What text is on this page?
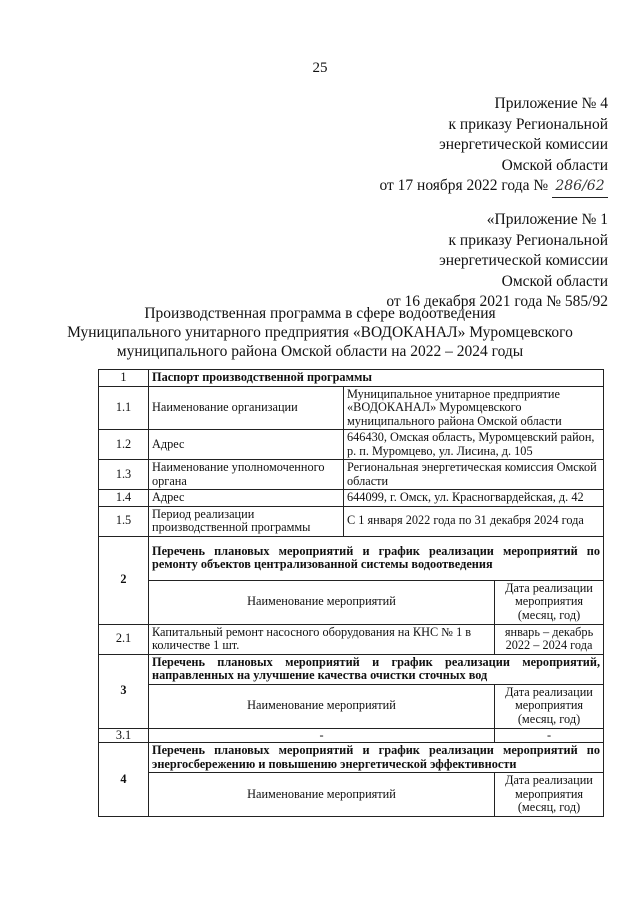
25
Приложение № 4
к приказу Региональной
энергетической комиссии
Омской области
от 17 ноября 2022 года № 286/62
«Приложение № 1
к приказу Региональной
энергетической комиссии
Омской области
от 16 декабря 2021 года № 585/92
Производственная программа в сфере водоотведения
Муниципального унитарного предприятия «ВОДОКАНАЛ» Муромцевского
муниципального района Омской области на 2022 – 2024 годы
1	Паспорт производственной программы		
1.1	Наименование организации	Муниципальное унитарное предприятие «ВОДОКАНАЛ» Муромцевского муниципального района Омской области	
1.2	Адрес	646430, Омская область, Муромцевский район, р. п. Муромцево, ул. Лисина, д. 105	
1.3	Наименование уполномоченного органа	Региональная энергетическая комиссия Омской области	
1.4	Адрес	644099, г. Омск, ул. Красногвардейская, д. 42	
1.5	Период реализации производственной программы	С 1 января 2022 года по 31 декабря 2024 года	
2	Перечень плановых мероприятий и график реализации мероприятий по ремонту объектов централизованной системы водоотведения		
	Наименование мероприятий		Дата реализации мероприятия (месяц, год)
2.1	Капитальный ремонт насосного оборудования на КНС № 1 в количестве 1 шт.		январь – декабрь 2022 – 2024 года
3	Перечень плановых мероприятий и график реализации мероприятий, направленных на улучшение качества очистки сточных вод		
	Наименование мероприятий		Дата реализации мероприятия (месяц, год)
3.1	-		-
4	Перечень плановых мероприятий и график реализации мероприятий по энергосбережению и повышению энергетической эффективности		
	Наименование мероприятий		Дата реализации мероприятия (месяц, год)
